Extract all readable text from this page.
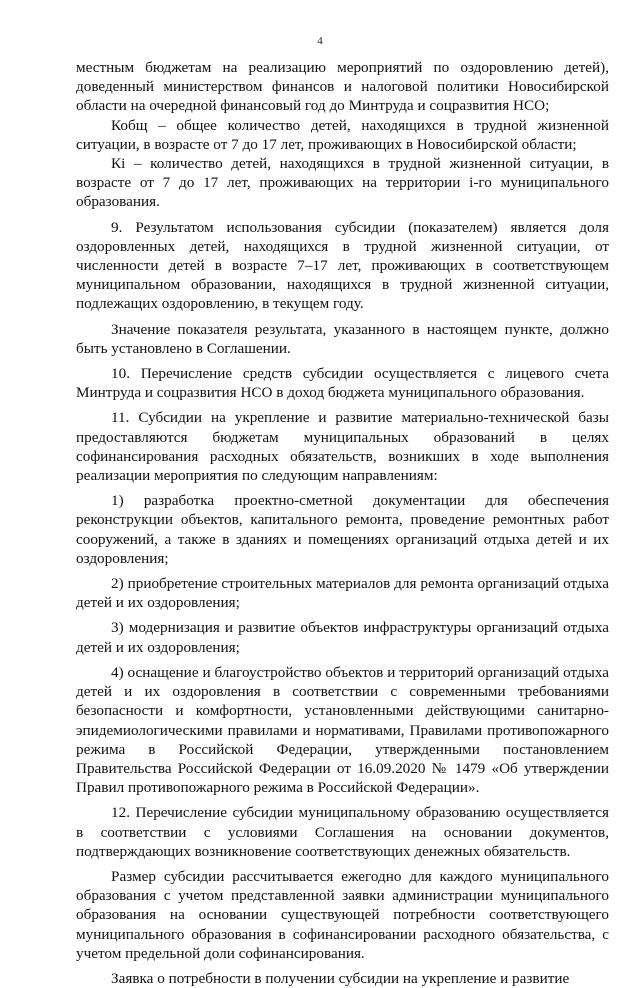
4

местным бюджетам на реализацию мероприятий по оздоровлению детей), доведенный министерством финансов и налоговой политики Новосибирской области на очередной финансовый год до Минтруда и соцразвития НСО;

Кобщ – общее количество детей, находящихся в трудной жизненной ситуации, в возрасте от 7 до 17 лет, проживающих в Новосибирской области;

Кi – количество детей, находящихся в трудной жизненной ситуации, в возрасте от 7 до 17 лет, проживающих на территории i-го муниципального образования.

9. Результатом использования субсидии (показателем) является доля оздоровленных детей, находящихся в трудной жизненной ситуации, от численности детей в возрасте 7–17 лет, проживающих в соответствующем муниципальном образовании, находящихся в трудной жизненной ситуации, подлежащих оздоровлению, в текущем году.

Значение показателя результата, указанного в настоящем пункте, должно быть установлено в Соглашении.

10. Перечисление средств субсидии осуществляется с лицевого счета Минтруда и соцразвития НСО в доход бюджета муниципального образования.

11. Субсидии на укрепление и развитие материально-технической базы предоставляются бюджетам муниципальных образований в целях софинансирования расходных обязательств, возникших в ходе выполнения реализации мероприятия по следующим направлениям:

1) разработка проектно-сметной документации для обеспечения реконструкции объектов, капитального ремонта, проведение ремонтных работ сооружений, а также в зданиях и помещениях организаций отдыха детей и их оздоровления;

2) приобретение строительных материалов для ремонта организаций отдыха детей и их оздоровления;

3) модернизация и развитие объектов инфраструктуры организаций отдыха детей и их оздоровления;

4) оснащение и благоустройство объектов и территорий организаций отдыха детей и их оздоровления в соответствии с современными требованиями безопасности и комфортности, установленными действующими санитарно-эпидемиологическими правилами и нормативами, Правилами противопожарного режима в Российской Федерации, утвержденными постановлением Правительства Российской Федерации от 16.09.2020 № 1479 «Об утверждении Правил противопожарного режима в Российской Федерации».

12. Перечисление субсидии муниципальному образованию осуществляется в соответствии с условиями Соглашения на основании документов, подтверждающих возникновение соответствующих денежных обязательств.

Размер субсидии рассчитывается ежегодно для каждого муниципального образования с учетом представленной заявки администрации муниципального образования на основании существующей потребности соответствующего муниципального образования в софинансировании расходного обязательства, с учетом предельной доли софинансирования.

Заявка о потребности в получении субсидии на укрепление и развитие
